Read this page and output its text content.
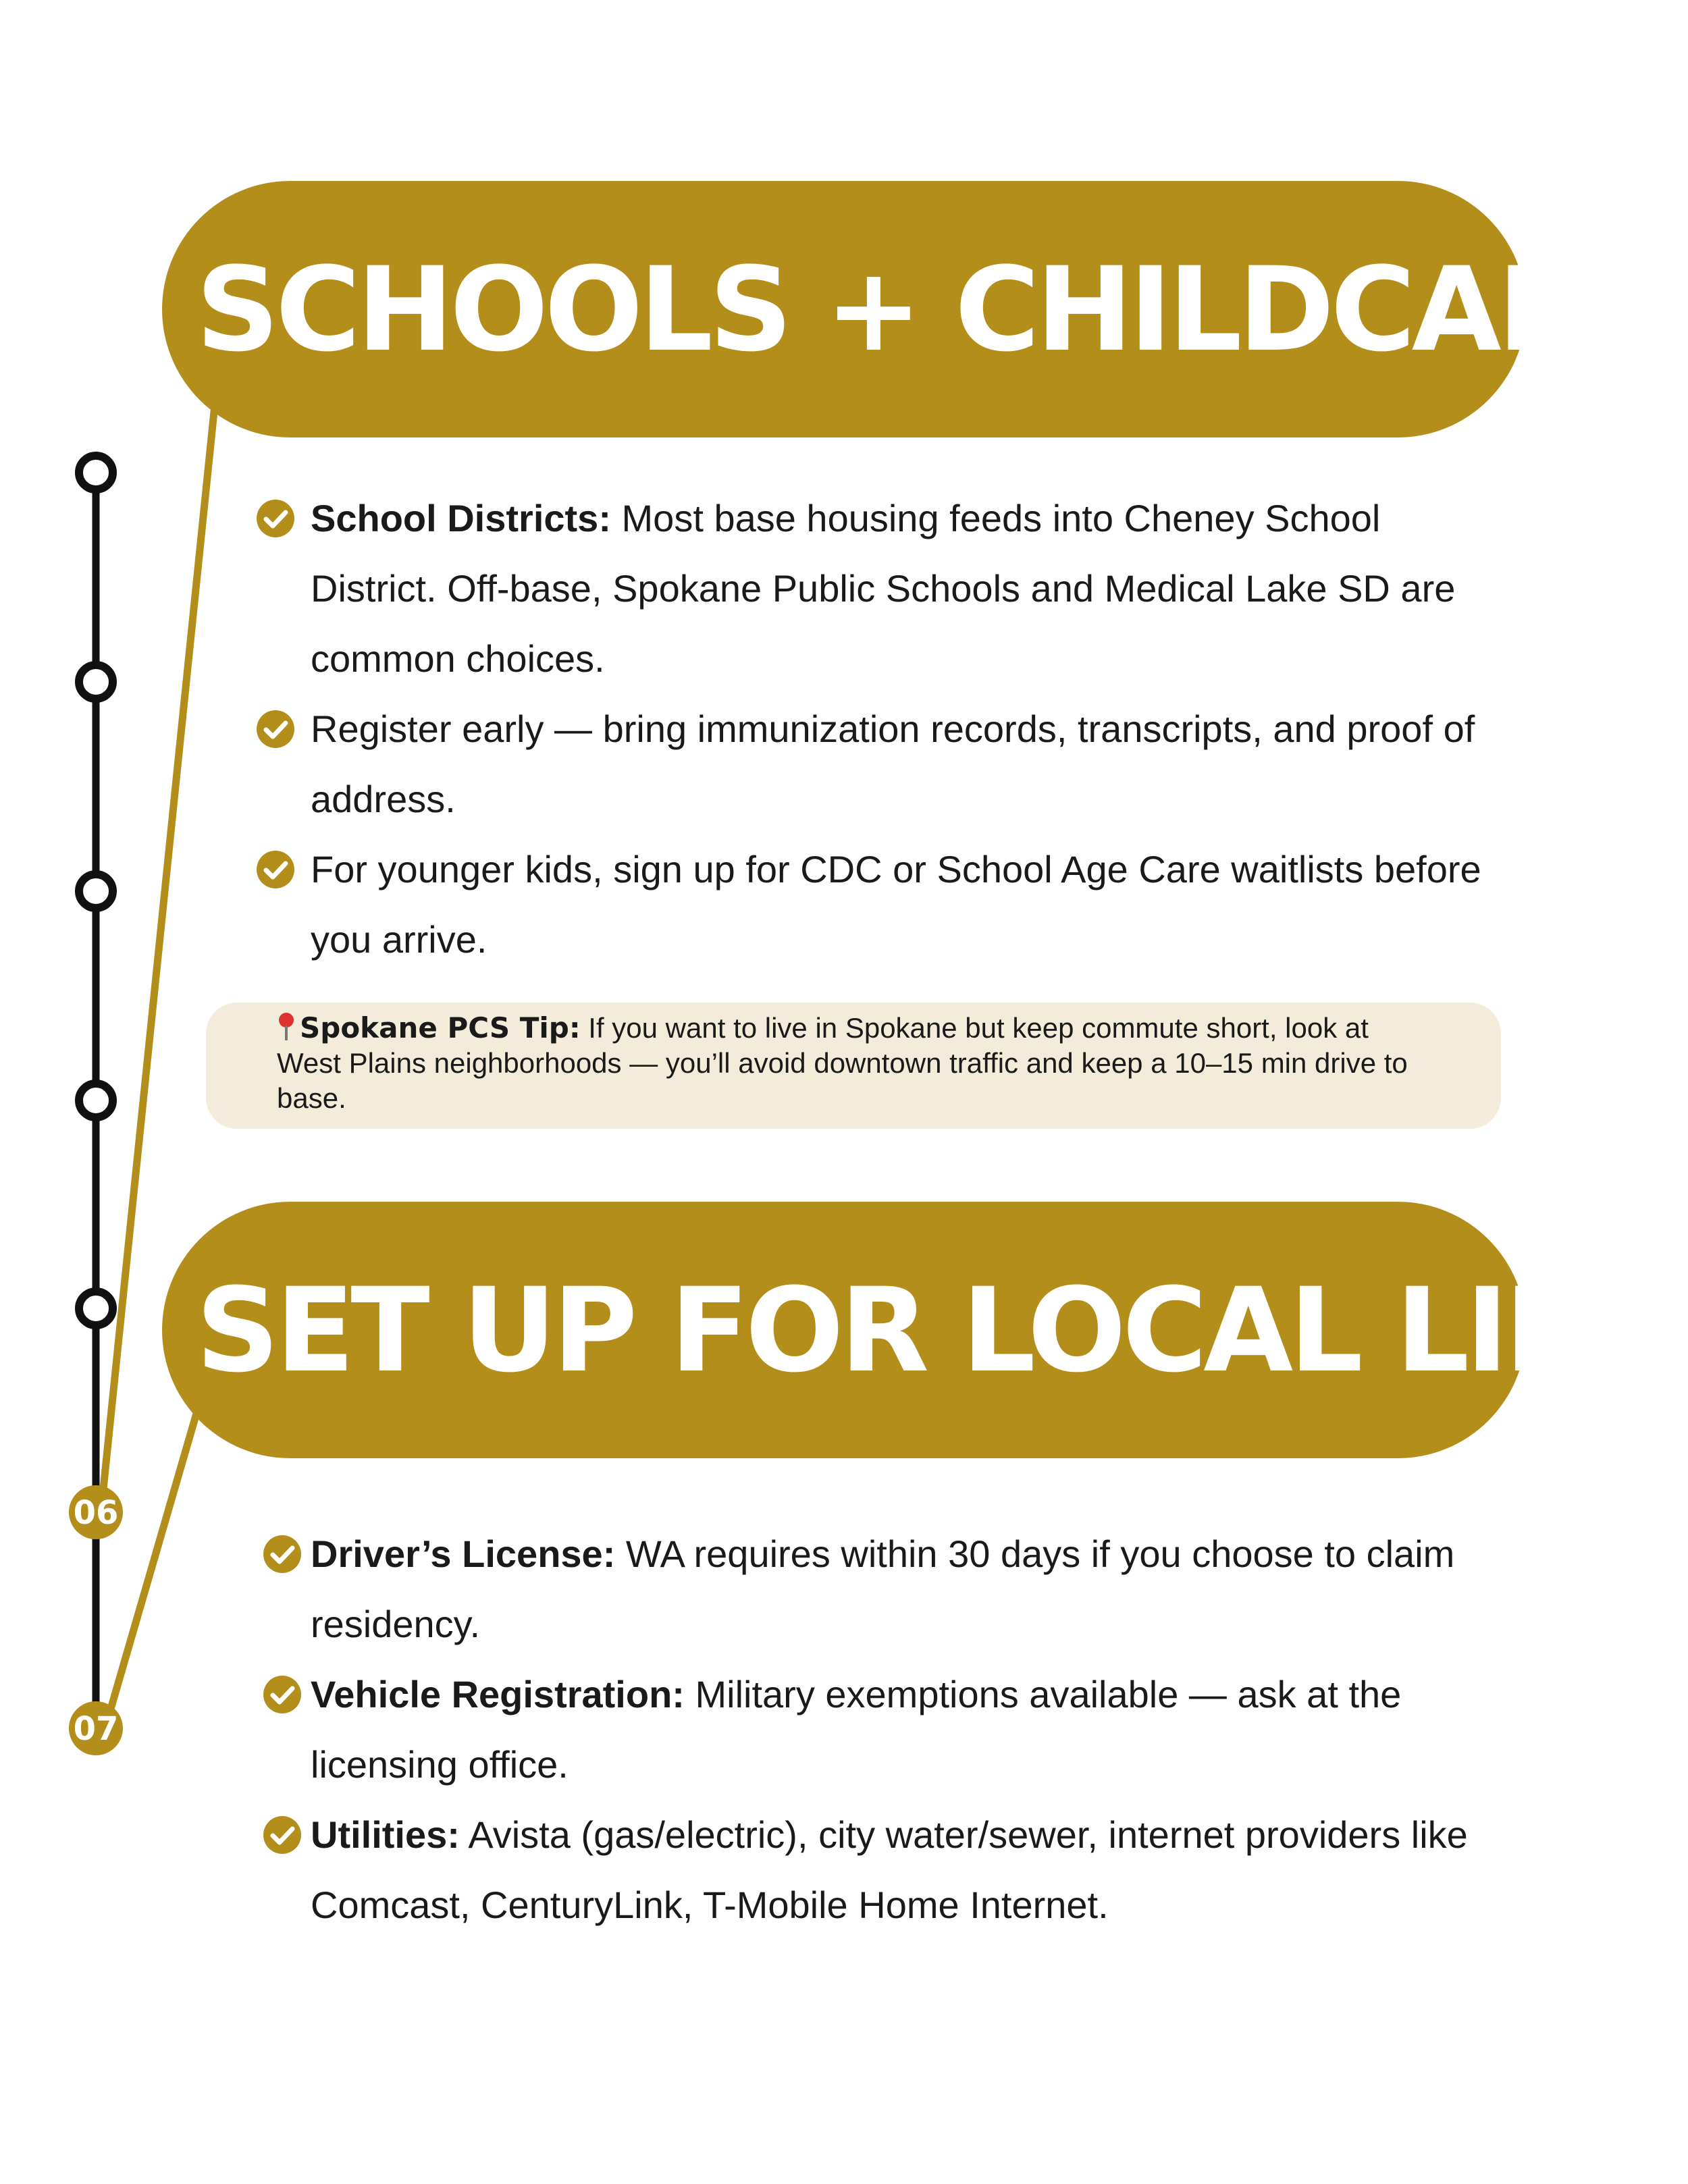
06
07
SCHOOLS + CHILDCARE
School Districts: Most base housing feeds into Cheney School District. Off-base, Spokane Public Schools and Medical Lake SD are common choices.
Register early — bring immunization records, transcripts, and proof of address.
For younger kids, sign up for CDC or School Age Care waitlists before you arrive.
Spokane PCS Tip: If you want to live in Spokane but keep commute short, look at West Plains neighborhoods — you’ll avoid downtown traffic and keep a 10–15 min drive to base.
SET UP FOR LOCAL LIFE
Driver’s License: WA requires within 30 days if you choose to claim residency.
Vehicle Registration: Military exemptions available — ask at the licensing office.
Utilities: Avista (gas/electric), city water/sewer, internet providers like Comcast, CenturyLink, T-Mobile Home Internet.
